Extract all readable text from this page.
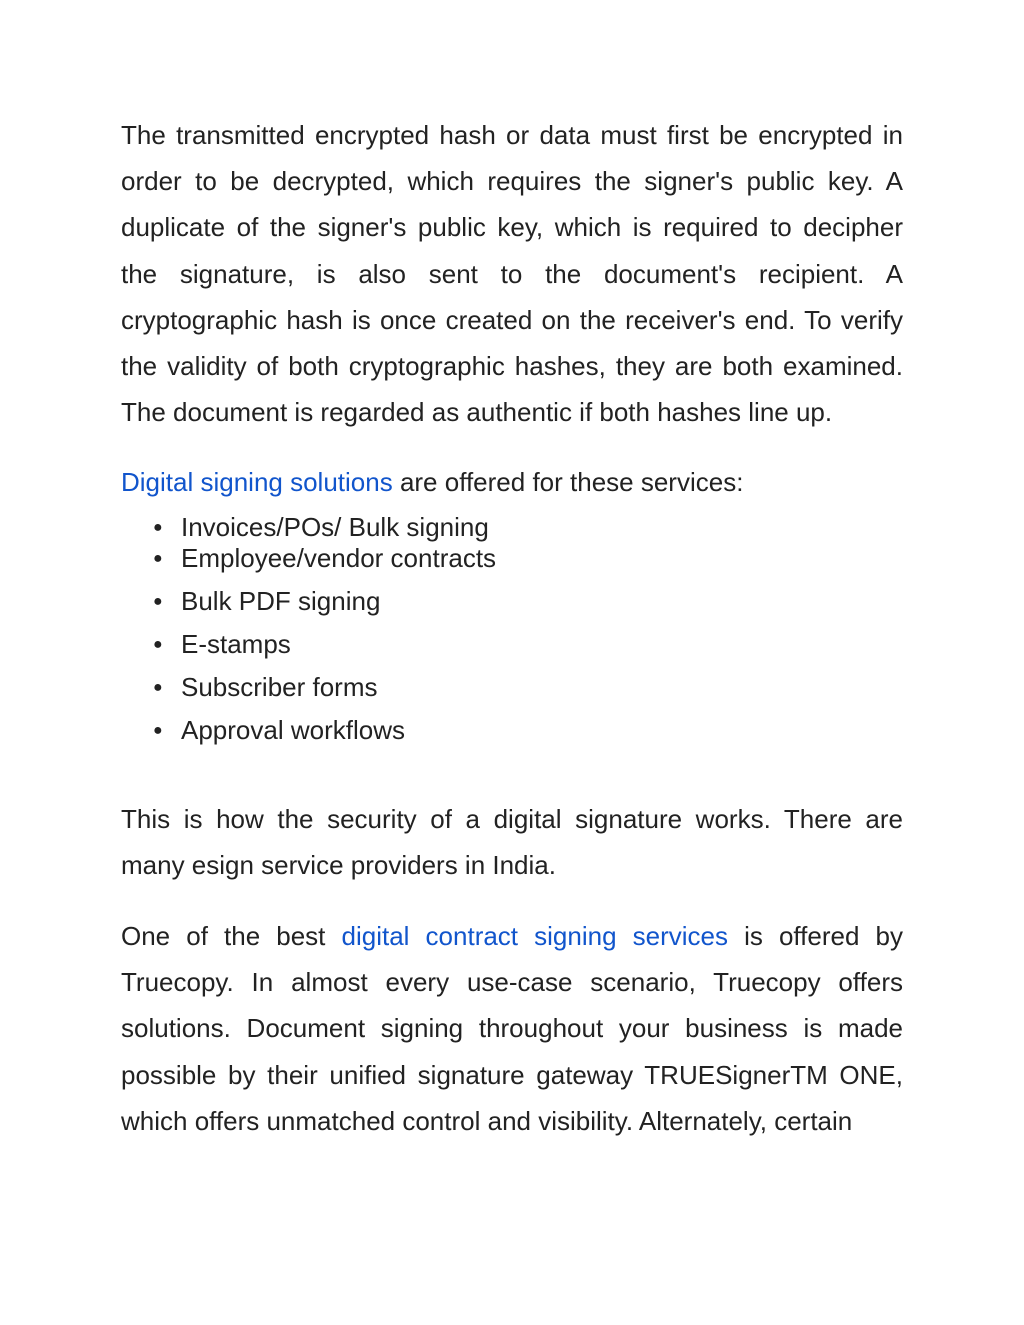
The transmitted encrypted hash or data must first be encrypted in order to be decrypted, which requires the signer's public key. A duplicate of the signer's public key, which is required to decipher the signature, is also sent to the document's recipient. A cryptographic hash is once created on the receiver's end. To verify the validity of both cryptographic hashes, they are both examined. The document is regarded as authentic if both hashes line up.

Digital signing solutions are offered for these services:

● Invoices/POs/ Bulk signing
● Employee/vendor contracts
● Bulk PDF signing
● E-stamps
● Subscriber forms
● Approval workflows

This is how the security of a digital signature works. There are many esign service providers in India.

One of the best digital contract signing services is offered by Truecopy. In almost every use-case scenario, Truecopy offers solutions. Document signing throughout your business is made possible by their unified signature gateway TRUESignerTM ONE, which offers unmatched control and visibility. Alternately, certain
